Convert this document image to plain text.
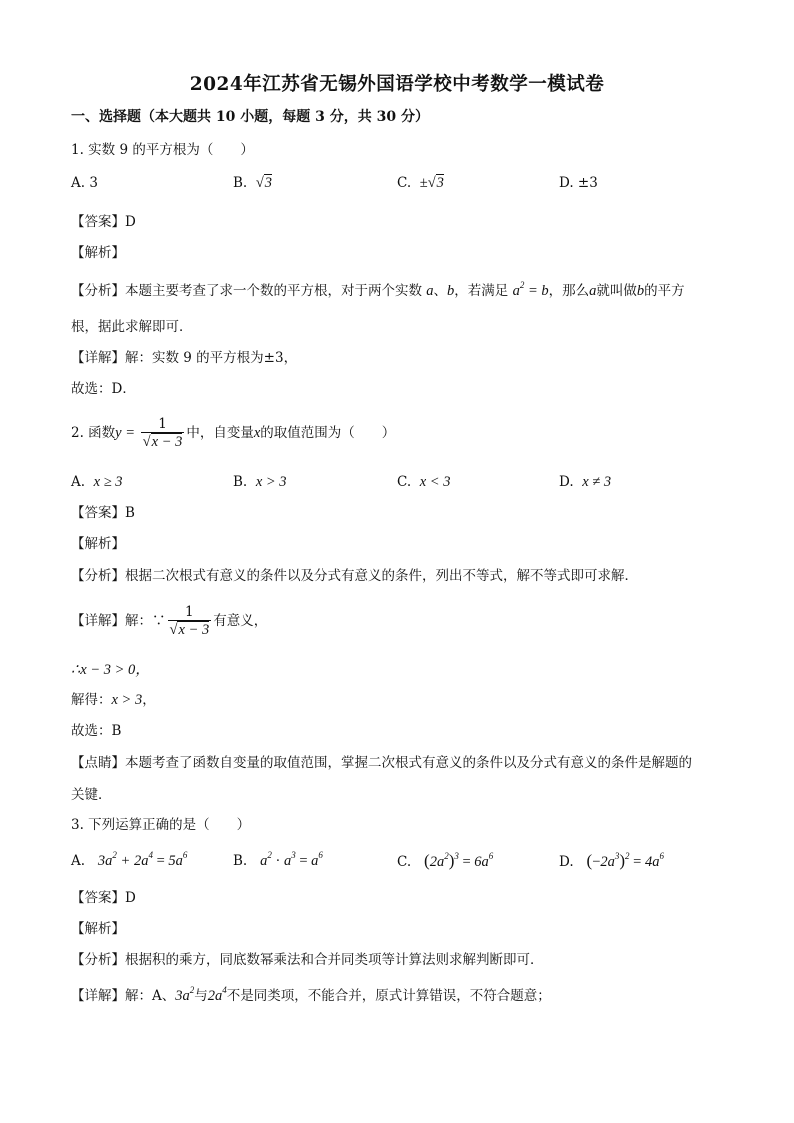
2024年江苏省无锡外国语学校中考数学一模试卷
一、选择题（本大题共 10 小题，每题 3 分，共 30 分）
1. 实数 9 的平方根为（　　）
A. 3	B. √3	C. ±√3	D. ±3
【答案】D
【解析】
【分析】本题主要考查了求一个数的平方根，对于两个实数 a、b，若满足 $a^2 = b$，那么a就叫做b的平方
根，据此求解即可．
【详解】解：实数 9 的平方根为±3，
故选：D．
2. 函数$y = \frac{1}{√x - 3}$ 中，自变量x的取值范围为（　　）
A. x ≥ 3	B. x > 3	C. x < 3	D. x ≠ 3
【答案】B
【解析】
【分析】根据二次根式有意义的条件以及分式有意义的条件，列出不等式，解不等式即可求解．
【详解】解：∵ $\frac{1}{√x - 3}$ 有意义，
∴x − 3 > 0，
解得：x > 3，
故选：B
【点睛】本题考查了函数自变量的取值范围，掌握二次根式有意义的条件以及分式有意义的条件是解题的
关键．
3. 下列运算正确的是（　　）
A. $3a^2 + 2a^4 = 5a^6$	B. $a^2 \cdot a^3 = a^6$	C. $(2a^2)^3 = 6a^6$	D. $(-2a^3)^2 = 4a^6$
【答案】D
【解析】
【分析】根据积的乘方，同底数幂乘法和合并同类项等计算法则求解判断即可．
【详解】解：A、$3a^2$与$2a^4$不是同类项，不能合并，原式计算错误，不符合题意；
